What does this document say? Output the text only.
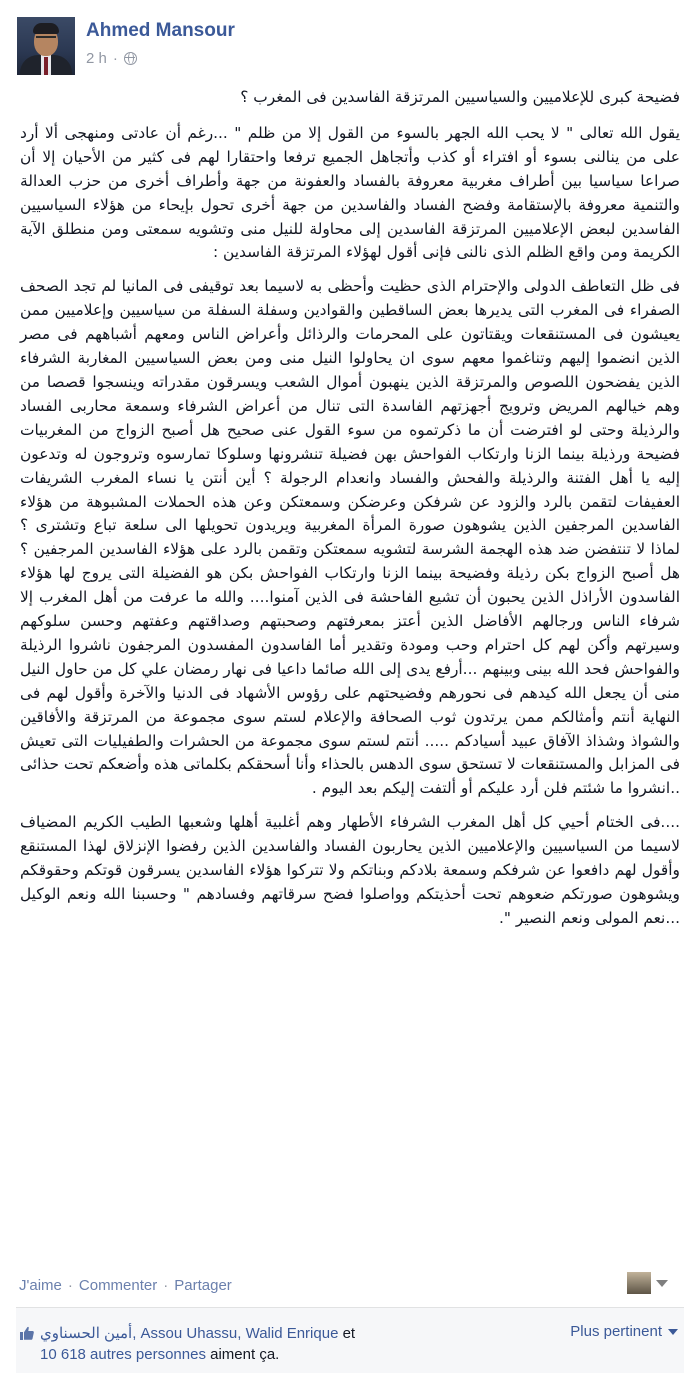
Ahmed Mansour
2 h ·

فضيحة كبرى للإعلاميين والسياسيين المرتزقة الفاسدين فى المغرب ؟

يقول الله تعالى " لا يحب الله الجهر بالسوء من القول إلا من ظلم " ...رغم أن عادتى ومنهجى ألا أرد على من ينالنى بسوء أو افتراء أو كذب وأتجاهل الجميع ترفعا واحتقارا لهم فى كثير من الأحيان إلا أن صراعا سياسيا بين أطراف مغربية معروفة بالفساد والعفونة من جهة وأطراف أخرى من حزب العدالة والتنمية معروفة بالإستقامة وفضح الفساد والفاسدين من جهة أخرى تحول بإيحاء من هؤلاء السياسيين الفاسدين لبعض الإعلاميين المرتزقة الفاسدين إلى محاولة للنيل منى وتشويه سمعتى ومن منطلق الآية الكريمة ومن واقع الظلم الذى نالنى فإنى أقول لهؤلاء المرتزقة الفاسدين :

فى ظل التعاطف الدولى والإحترام الذى حظيت وأحظى به لاسيما بعد توقيفى فى المانيا لم تجد الصحف الصفراء فى المغرب التى يديرها بعض الساقطين والقوادين وسفلة السفلة من سياسيين وإعلاميين ممن يعيشون فى المستنقعات ويقتاتون على المحرمات والرذائل وأعراض الناس ومعهم أشباههم فى مصر الذين انضموا إليهم وتناغموا معهم سوى ان يحاولوا النيل منى ومن بعض السياسيين المغاربة الشرفاء الذين يفضحون اللصوص والمرتزقة الذين ينهبون أموال الشعب ويسرقون مقدراته وينسجوا قصصا من وهم خيالهم المريض وترويج أجهزتهم الفاسدة التى تنال من أعراض الشرفاء وسمعة محاربى الفساد والرذيلة وحتى لو افترضت أن ما ذكرتموه من سوء القول عنى صحيح هل أصبح الزواج من المغربيات فضيحة ورذيلة بينما الزنا وارتكاب الفواحش بهن فضيلة تنشرونها وسلوكا تمارسوه وتروجون له وتدعون إليه يا أهل الفتنة والرذيلة والفحش والفساد وانعدام الرجولة ؟ أين أنتن يا نساء المغرب الشريفات العفيفات لتقمن بالرد والزود عن شرفكن وعرضكن وسمعتكن وعن هذه الحملات المشبوهة من هؤلاء الفاسدين المرجفين الذين يشوهون صورة المرأة المغربية ويريدون تحويلها الى سلعة تباع وتشترى ؟ لماذا لا تنتفضن ضد هذه الهجمة الشرسة لتشويه سمعتكن وتقمن بالرد على هؤلاء الفاسدين المرجفين ؟ هل أصبح الزواج بكن رذيلة وفضيحة بينما الزنا وارتكاب الفواحش بكن هو الفضيلة التى يروج لها هؤلاء الفاسدون الأراذل الذين يحبون أن تشيع الفاحشة فى الذين آمنوا.... والله ما عرفت من أهل المغرب إلا شرفاء الناس ورجالهم الأفاضل الذين أعتز بمعرفتهم وصحبتهم وصداقتهم وعفتهم وحسن سلوكهم وسيرتهم وأكن لهم كل احترام وحب ومودة وتقدير أما الفاسدون المفسدون المرجفون ناشروا الرذيلة والفواحش فحد الله بينى وبينهم ...أرفع يدى إلى الله صائما داعيا فى نهار رمضان علي كل من حاول النيل منى أن يجعل الله كيدهم فى نحورهم وفضيحتهم على رؤوس الأشهاد فى الدنيا والآخرة وأقول لهم فى النهاية أنتم وأمثالكم ممن يرتدون ثوب الصحافة والإعلام لستم سوى مجموعة من المرتزقة والأفاقين والشواذ وشذاذ الآفاق عبيد أسيادكم ..... أنتم لستم سوى مجموعة من الحشرات والطفيليات التى تعيش فى المزابل والمستنقعات لا تستحق سوى الدهس بالحذاء وأنا أسحقكم بكلماتى هذه وأضعكم تحت حذائى ..انشروا ما شئتم فلن أرد عليكم أو ألتفت إليكم بعد اليوم .

....فى الختام أحيي كل أهل المغرب الشرفاء الأطهار وهم أغلبية أهلها وشعبها الطيب الكريم المضياف لاسيما من السياسيين والإعلاميين الذين يحاربون الفساد والفاسدين الذين رفضوا الإنزلاق لهذا المستنقع وأقول لهم دافعوا عن شرفكم وسمعة بلادكم وبناتكم ولا تتركوا هؤلاء الفاسدين يسرقون قوتكم وحقوقكم ويشوهون صورتكم ضعوهم تحت أحذيتكم وواصلوا فضح سرقاتهم وفسادهم " وحسبنا الله ونعم الوكيل ...نعم المولى ونعم النصير ".

J'aime · Commenter · Partager
أمين الحسناوي, Assou Uhassu, Walid Enrique et
10 618 autres personnes aiment ça.
Plus pertinent
